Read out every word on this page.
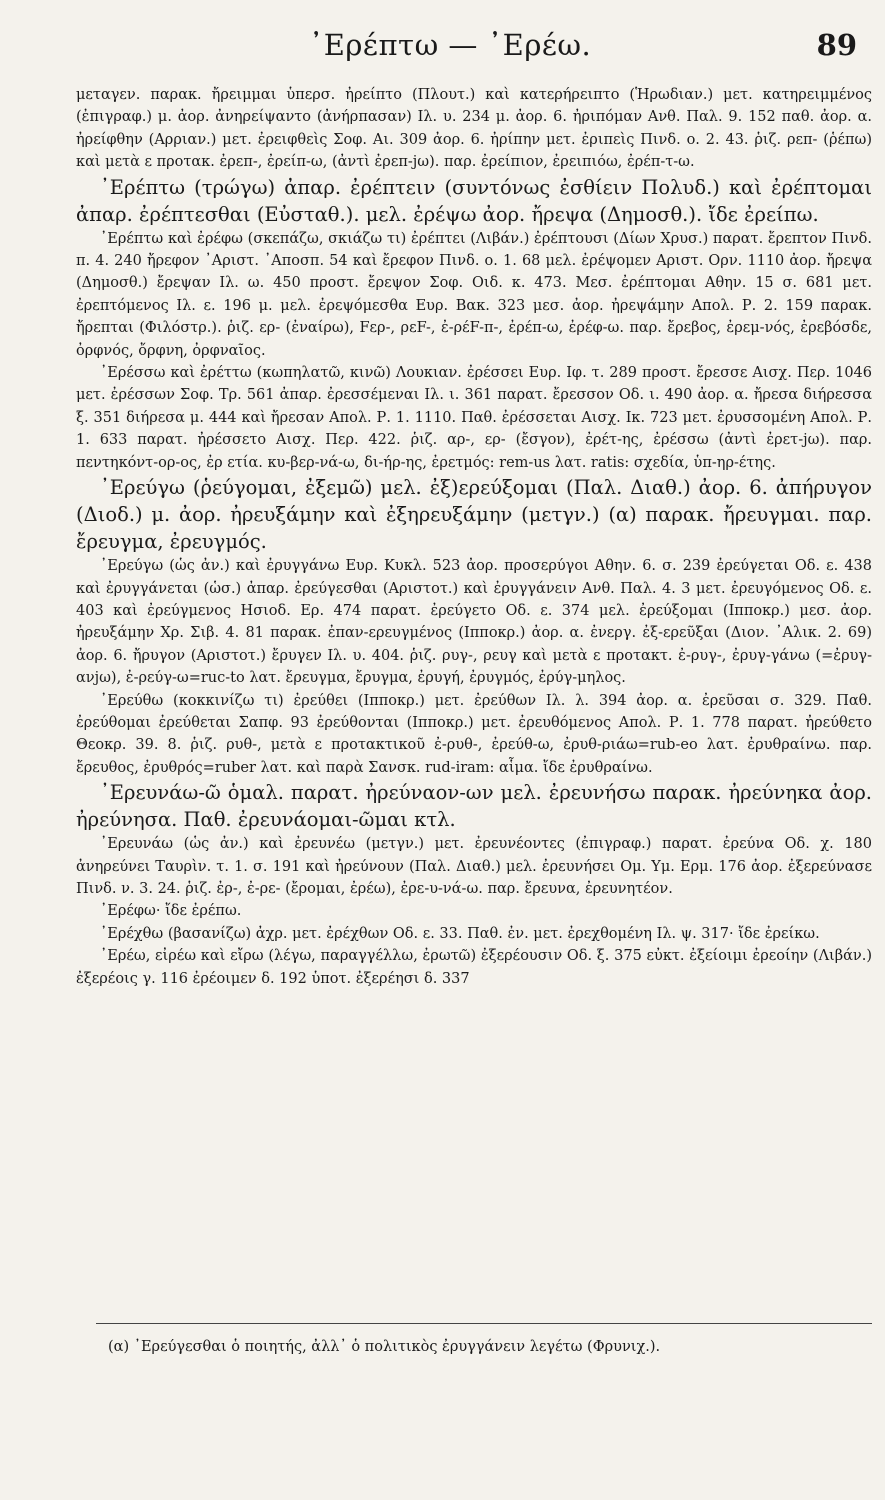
᾿Ερέπτω — ᾿Ερέω.	89

μεταγεν. παρακ. ἤρειμμαι ὑπερσ. ἠρείπτο (Πλουτ.) καὶ κατερήρειπτο (Ἡρωδιαν.) μετ. κατηρειμμένος (ἐπιγραφ.) μ. ἀορ. ἀνηρείψαντο (ἀνήρπασαν) Ιλ. υ. 234 μ. ἀορ. 6. ἠριπόμαν Ανθ. Παλ. 9. 152 παθ. ἀορ. α. ἠρείφθην (Αρριαν.) μετ. ἐρειφθεὶς Σοφ. Αι. 309 ἀορ. 6. ἠρίπην μετ. ἐριπεὶς Πινδ. ο. 2. 43. ῥιζ. ρεπ- (ῥέπω) καὶ μετὰ ε προτακ. ἐρεπ-, ἐρείπ-ω, (ἀντὶ ἐρεπ-jω). παρ. ἐρείπιον, ἐρειπιόω, ἐρέπ-τ-ω.

᾿Ερέπτω (τρώγω) ἀπαρ. ἐρέπτειν (συντόνως ἐσθίειν Πολυδ.) καὶ ἐρέπτομαι ἀπαρ. ἐρέπτεσθαι (Εὐσταθ.). μελ. ἐρέψω ἀορ. ἤρεψα (Δημοσθ.). ἴδε ἐρείπω.

᾿Ερέπτω καὶ ἐρέφω (σκεπάζω, σκιάζω τι) ἐρέπτει (Λιβάν.) ἐρέπτουσι (Δίων Χρυσ.) παρατ. ἔρεπτον Πινδ. π. 4. 240 ἤρεφον ᾿Αριστ. ᾿Αποσπ. 54 καὶ ἔρεφον Πινδ. ο. 1. 68 μελ. ἐρέψομεν Αριστ. Ορν. 1110 ἀορ. ἤρεψα (Δημοσθ.) ἔρεψαν Ιλ. ω. 450 προστ. ἔρεψον Σοφ. Οιδ. κ. 473. Μεσ. ἐρέπτομαι Αθην. 15 σ. 681 μετ. ἐρεπτόμενος Ιλ. ε. 196 μ. μελ. ἐρεψόμεσθα Ευρ. Βακ. 323 μεσ. ἀορ. ἠρεψάμην Απολ. Ρ. 2. 159 παρακ. ἤρεπται (Φιλόστρ.). ῥιζ. ερ- (ἐναίρω), Fερ-, ρεF-, ἐ-ρέF-π-, ἐρέπ-ω, ἐρέφ-ω. παρ. ἔρεβος, ἐρεμ-νός, ἐρεβόσδε, ὀρφνός, ὄρφνη, ὀρφναῖος.

᾿Ερέσσω καὶ ἐρέττω (κωπηλατῶ, κινῶ) Λουκιαν. ἐρέσσει Ευρ. Ιφ. τ. 289 προστ. ἔρεσσε Αισχ. Περ. 1046 μετ. ἐρέσσων Σοφ. Τρ. 561 ἀπαρ. ἐρεσσέμεναι Ιλ. ι. 361 παρατ. ἔρεσσον Οδ. ι. 490 ἀορ. α. ἤρεσα διήρεσσα ξ. 351 διήρεσα μ. 444 καὶ ἤρεσαν Απολ. Ρ. 1. 1110. Παθ. ἐρέσσεται Αισχ. Ικ. 723 μετ. ἐρυσσομένη Απολ. Ρ. 1. 633 παρατ. ἠρέσσετο Αισχ. Περ. 422. ῥιζ. αρ-, ερ- (ἔσγον), ἐρέτ-ης, ἐρέσσω (ἀντὶ ἐρετ-jω). παρ. πεντηκόντ-ορ-ος, ἐρ ετία. κυ-βερ-νά-ω, δι-ήρ-ης, ἐρετμός: rem-us λατ. ratis: σχεδία, ὑπ-ηρ-έτης.

᾿Ερεύγω (ῥεύγομαι, ἐξεμῶ) μελ. ἐξ)ερεύξομαι (Παλ. Διαθ.) ἀορ. 6. ἀπήρυγον (Διοδ.) μ. ἀορ. ἠρευξάμην καὶ ἐξηρευξάμην (μετγν.) (α) παρακ. ἤρευγμαι. παρ. ἔρευγμα, ἐρευγμός.

᾿Ερεύγω (ὡς ἀν.) καὶ ἐρυγγάνω Ευρ. Κυκλ. 523 ἀορ. προσερύγοι Αθην. 6. σ. 239 ἐρεύγεται Οδ. ε. 438 καὶ ἐρυγγάνεται (ὡσ.) ἀπαρ. ἐρεύγεσθαι (Αριστοτ.) καὶ ἐρυγγάνειν Ανθ. Παλ. 4. 3 μετ. ἐρευγόμενος Οδ. ε. 403 καὶ ἐρεύγμενος Ησιοδ. Ερ. 474 παρατ. ἐρεύγετο Οδ. ε. 374 μελ. ἐρεύξομαι (Ιπποκρ.) μεσ. ἀορ. ἠρευξάμην Χρ. Σιβ. 4. 81 παρακ. ἐπαν-ερευγμένος (Ιπποκρ.) ἀορ. α. ἐνεργ. ἐξ-ερεῦξαι (Διον. ᾿Αλικ. 2. 69) ἀορ. 6. ἤρυγον (Αριστοτ.) ἔρυγεν Ιλ. υ. 404. ῥιζ. ρυγ-, ρευγ καὶ μετὰ ε προτακτ. ἐ-ρυγ-, ἐρυγ-γάνω (=ἐρυγ-ανjω), ἐ-ρεύγ-ω=ruc-to λατ. ἔρευγμα, ἔρυγμα, ἐρυγή, ἐρυγμός, ἐρύγ-μηλος.

᾿Ερεύθω (κοκκινίζω τι) ἐρεύθει (Ιπποκρ.) μετ. ἐρεύθων Ιλ. λ. 394 ἀορ. α. ἐρεῦσαι σ. 329. Παθ. ἐρεύθομαι ἐρεύθεται Σαπφ. 93 ἐρεύθονται (Ιπποκρ.) μετ. ἐρευθόμενος Απολ. Ρ. 1. 778 παρατ. ἠρεύθετο Θεοκρ. 39. 8. ῥιζ. ρυθ-, μετὰ ε προτακτικοῦ ἐ-ρυθ-, ἐρεύθ-ω, ἐρυθ-ριάω=rub-eo λατ. ἐρυθραίνω. παρ. ἔρευθος, ἐρυθρός=ruber λατ. καὶ παρὰ Σανσκ. rud-iram: αἷμα. ἴδε ἐρυθραίνω.

᾿Ερευνάω-ῶ ὁμαλ. παρατ. ἠρεύναον-ων μελ. ἐρευνήσω παρακ. ἠρεύνηκα ἀορ. ἠρεύνησα. Παθ. ἐρευνάομαι-ῶμαι κτλ.

᾿Ερευνάω (ὡς ἀν.) καὶ ἐρευνέω (μετγν.) μετ. ἐρευνέοντες (ἐπιγραφ.) παρατ. ἐρεύνα Οδ. χ. 180 ἀνηρεύνει Ταυρὶν. τ. 1. σ. 191 καὶ ἠρεύνουν (Παλ. Διαθ.) μελ. ἐρευνήσει Ομ. Υμ. Ερμ. 176 ἀορ. ἐξερεύνασε Πινδ. ν. 3. 24. ῥιζ. ἐρ-, ἐ-ρε- (ἔρομαι, ἐρέω), ἐρε-υ-νά-ω. παρ. ἔρευνα, ἐρευνητέον.

᾿Ερέφω· ἴδε ἐρέπω.

᾿Ερέχθω (βασανίζω) ἀχρ. μετ. ἐρέχθων Οδ. ε. 33. Παθ. ἐν. μετ. ἐρεχθομένη Ιλ. ψ. 317· ἴδε ἐρείκω.

᾿Ερέω, εἰρέω καὶ εἴρω (λέγω, παραγγέλλω, ἐρωτῶ) ἐξερέουσιν Οδ. ξ. 375 εὐκτ. ἐξείοιμι ἐρεοίην (Λιβάν.) ἐξερέοις γ. 116 ἐρέοιμεν δ. 192 ὑποτ. ἐξερέησι δ. 337

(α) ᾿Ερεύγεσθαι ὁ ποιητής, ἀλλ᾿ ὁ πολιτικὸς ἐρυγγάνειν λεγέτω (Φρυνιχ.).
